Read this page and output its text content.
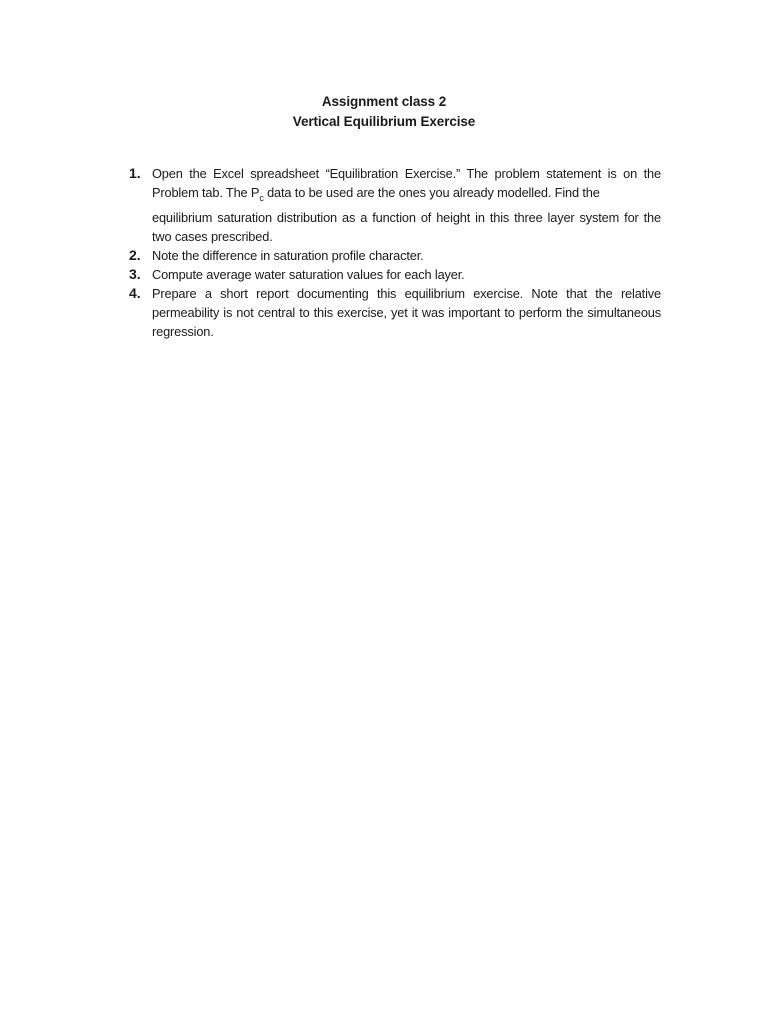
Assignment class 2
Vertical Equilibrium Exercise
1. Open the Excel spreadsheet “Equilibration Exercise.” The problem statement is on the Problem tab. The $P_c$ data to be used are the ones you already modelled. Find the
equilibrium saturation distribution as a function of height in this three layer system for the two cases prescribed.
2. Note the difference in saturation profile character.
3. Compute average water saturation values for each layer.
4. Prepare a short report documenting this equilibrium exercise. Note that the relative permeability is not central to this exercise, yet it was important to perform the simultaneous regression.
